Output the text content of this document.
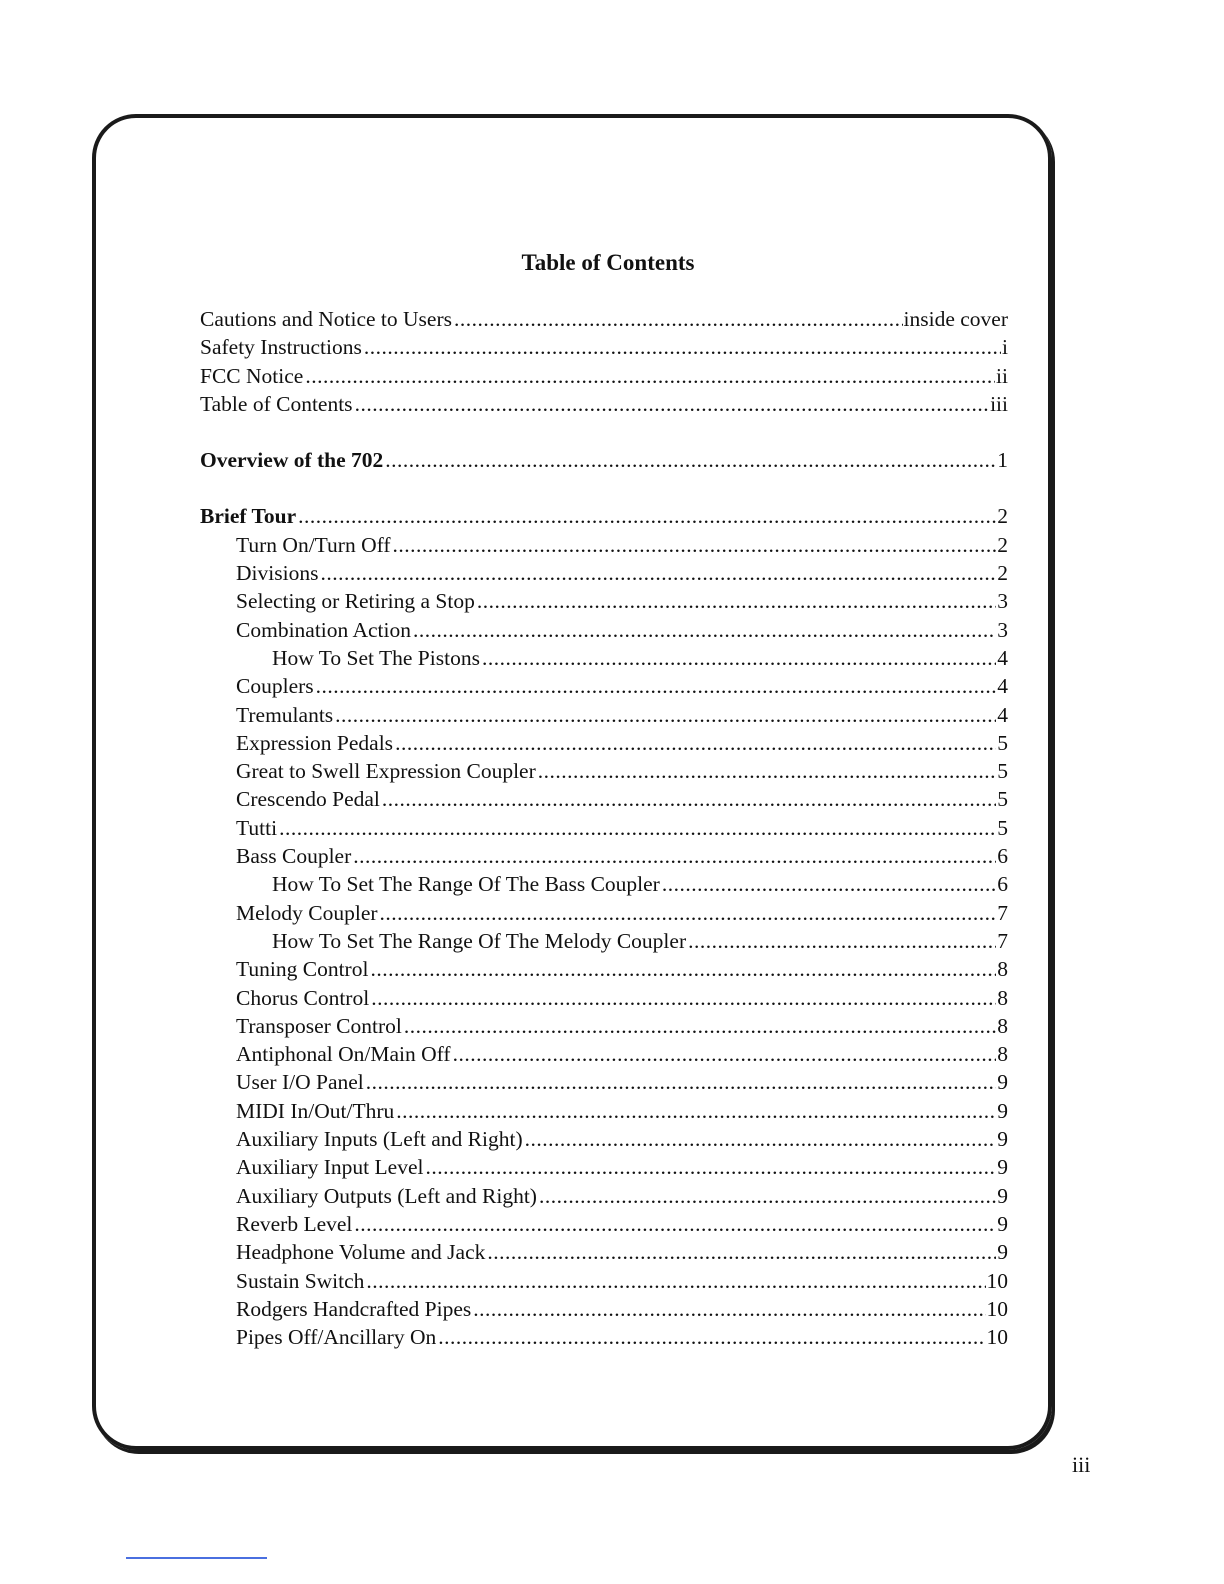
Table of Contents
Cautions and Notice to Users .....	inside cover
Safety Instructions .....	i
FCC Notice .....	ii
Table of Contents .....	iii
Overview of the 702 .....	1
Brief Tour .....	2
Turn On/Turn Off .....	2
Divisions .....	2
Selecting or Retiring a Stop .....	3
Combination Action .....	3
How To Set The Pistons .....	4
Couplers .....	4
Tremulants .....	4
Expression Pedals .....	5
Great to Swell Expression Coupler .....	5
Crescendo Pedal .....	5
Tutti .....	5
Bass Coupler .....	6
How To Set The Range Of The Bass Coupler .....	6
Melody Coupler .....	7
How To Set The Range Of The Melody Coupler .....	7
Tuning Control .....	8
Chorus Control .....	8
Transposer Control .....	8
Antiphonal On/Main Off .....	8
User I/O Panel .....	9
MIDI In/Out/Thru .....	9
Auxiliary Inputs (Left and Right) .....	9
Auxiliary Input Level .....	9
Auxiliary Outputs (Left and Right) .....	9
Reverb Level .....	9
Headphone Volume and Jack .....	9
Sustain Switch .....	10
Rodgers Handcrafted Pipes .....	10
Pipes Off/Ancillary On .....	10

iii
